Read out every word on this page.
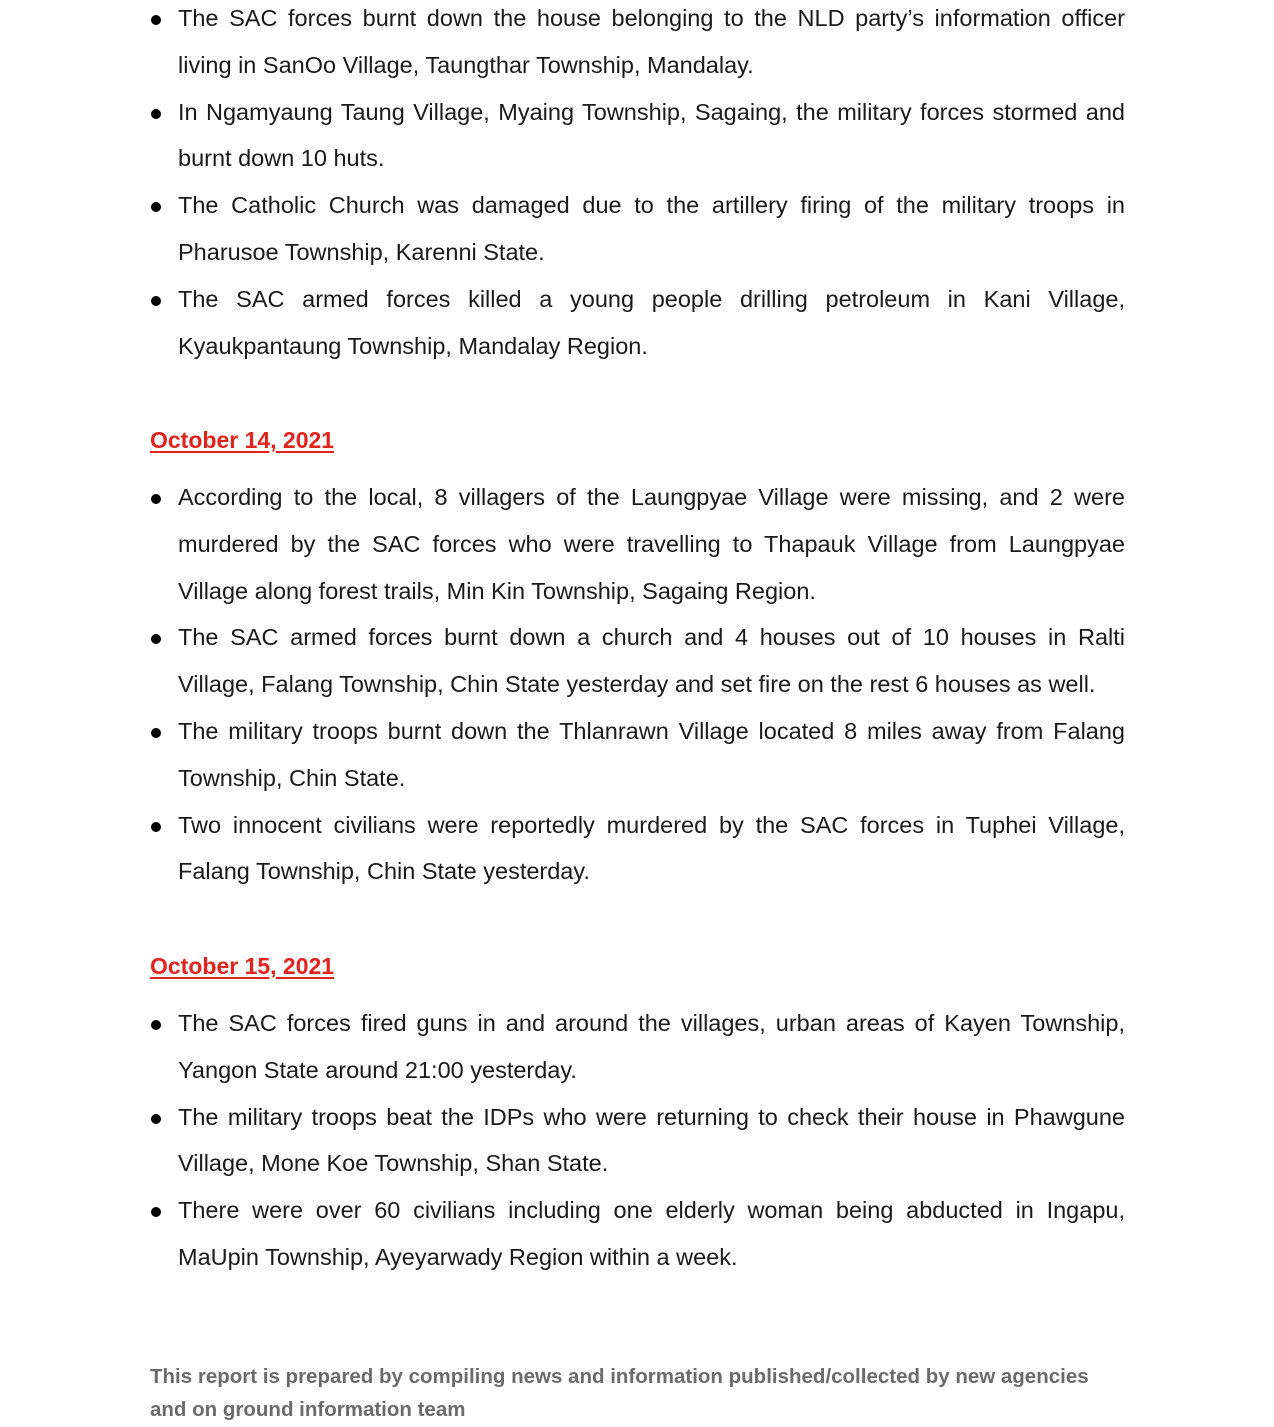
The SAC forces burnt down the house belonging to the NLD party’s information officer living in SanOo Village, Taungthar Township, Mandalay.
In Ngamyaung Taung Village, Myaing Township, Sagaing, the military forces stormed and burnt down 10 huts.
The Catholic Church was damaged due to the artillery firing of the military troops in Pharusoe Township, Karenni State.
The SAC armed forces killed a young people drilling petroleum in Kani Village, Kyaukpantaung Township, Mandalay Region.
October 14, 2021
According to the local, 8 villagers of the Laungpyae Village were missing, and 2 were murdered by the SAC forces who were travelling to Thapauk Village from Laungpyae Village along forest trails, Min Kin Township, Sagaing Region.
The SAC armed forces burnt down a church and 4 houses out of 10 houses in Ralti Village, Falang Township, Chin State yesterday and set fire on the rest 6 houses as well.
The military troops burnt down the Thlanrawn Village located 8 miles away from Falang Township, Chin State.
Two innocent civilians were reportedly murdered by the SAC forces in Tuphei Village, Falang Township, Chin State yesterday.
October 15, 2021
The SAC forces fired guns in and around the villages, urban areas of Kayen Township, Yangon State around 21:00 yesterday.
The military troops beat the IDPs who were returning to check their house in Phawgune Village, Mone Koe Township, Shan State.
There were over 60 civilians including one elderly woman being abducted in Ingapu, MaUpin Township, Ayeyarwady Region within a week.
This report is prepared by compiling news and information published/collected by new agencies and on ground information team
